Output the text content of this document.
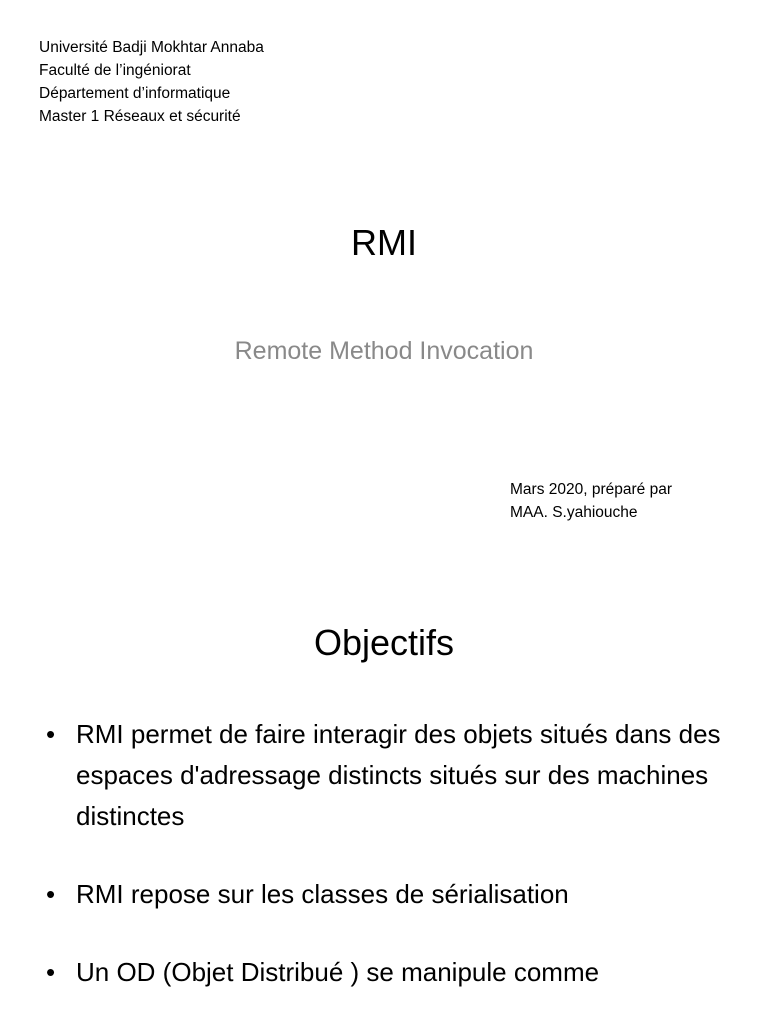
Université Badji Mokhtar Annaba
Faculté de l’ingéniorat
Département d’informatique
Master 1 Réseaux et sécurité
RMI
Remote Method Invocation
Mars 2020, préparé par
MAA. S.yahiouche
Objectifs
• RMI permet de faire interagir des objets situés dans des espaces d'adressage distincts situés sur des machines distinctes
• RMI repose sur les classes de sérialisation
• Un OD (Objet Distribué ) se manipule comme
